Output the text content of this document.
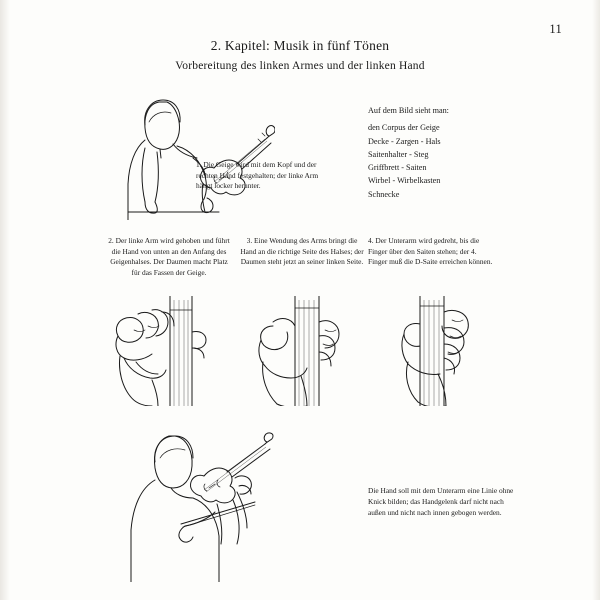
11
2. Kapitel: Musik in fünf Tönen
Vorbereitung des linken Armes und der linken Hand
1. Die Geige wird mit dem Kopf und der rechten Hand festgehalten; der linke Arm hängt locker herunter.
Auf dem Bild sieht man:
den Corpus der Geige
Decke - Zargen - Hals
Saitenhalter - Steg
Griffbrett - Saiten
Wirbel - Wirbelkasten
Schnecke
2. Der linke Arm wird gehoben und führt die Hand von unten an den Anfang des Geigenhalses. Der Daumen macht Platz für das Fassen der Geige.
3. Eine Wendung des Arms bringt die Hand an die richtige Seite des Halses; der Daumen steht jetzt an seiner linken Seite.
4. Der Unterarm wird gedreht, bis die Finger über den Saiten stehen; der 4. Finger muß die D-Saite erreichen können.
Die Hand soll mit dem Unterarm eine Linie ohne Knick bilden; das Handgelenk darf nicht nach außen und nicht nach innen gebogen werden.
